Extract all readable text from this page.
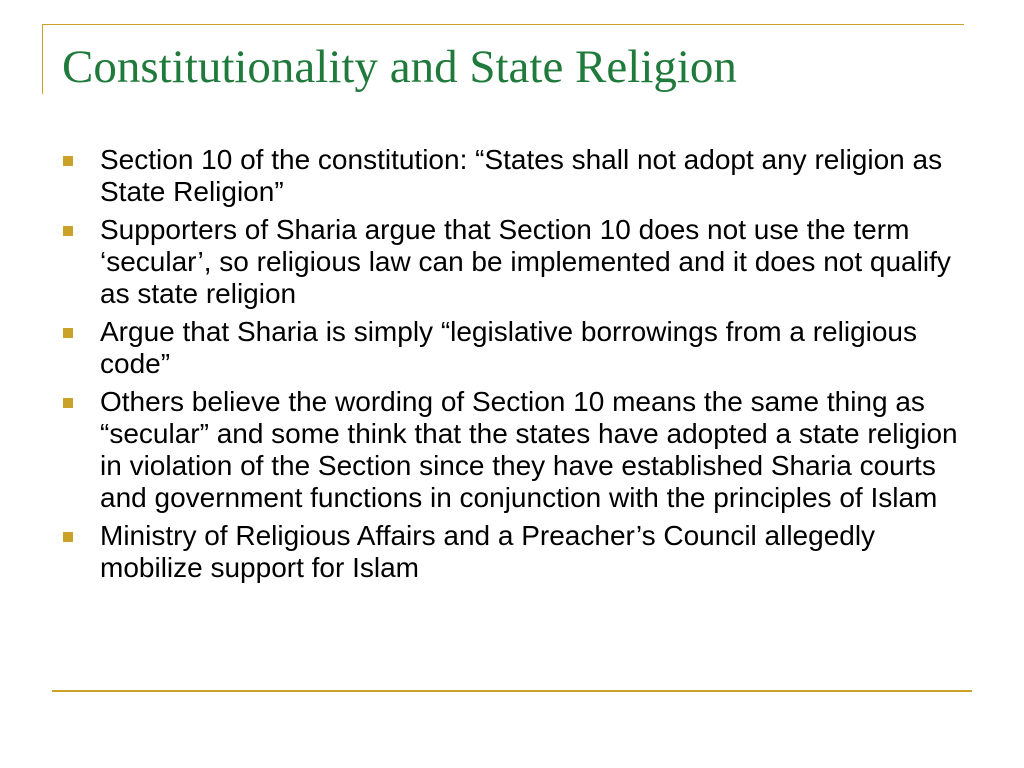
Constitutionality and State Religion
Section 10 of the constitution: “States shall not adopt any religion as State Religion”
Supporters of Sharia argue that Section 10 does not use the term ‘secular’, so religious law can be implemented and it does not qualify as state religion
Argue that Sharia is simply “legislative borrowings from a religious code”
Others believe the wording of Section 10 means the same thing as “secular” and some think that the states have adopted a state religion in violation of the Section since they have established Sharia courts and government functions in conjunction with the principles of Islam
Ministry of Religious Affairs and a Preacher’s Council allegedly mobilize support for Islam
